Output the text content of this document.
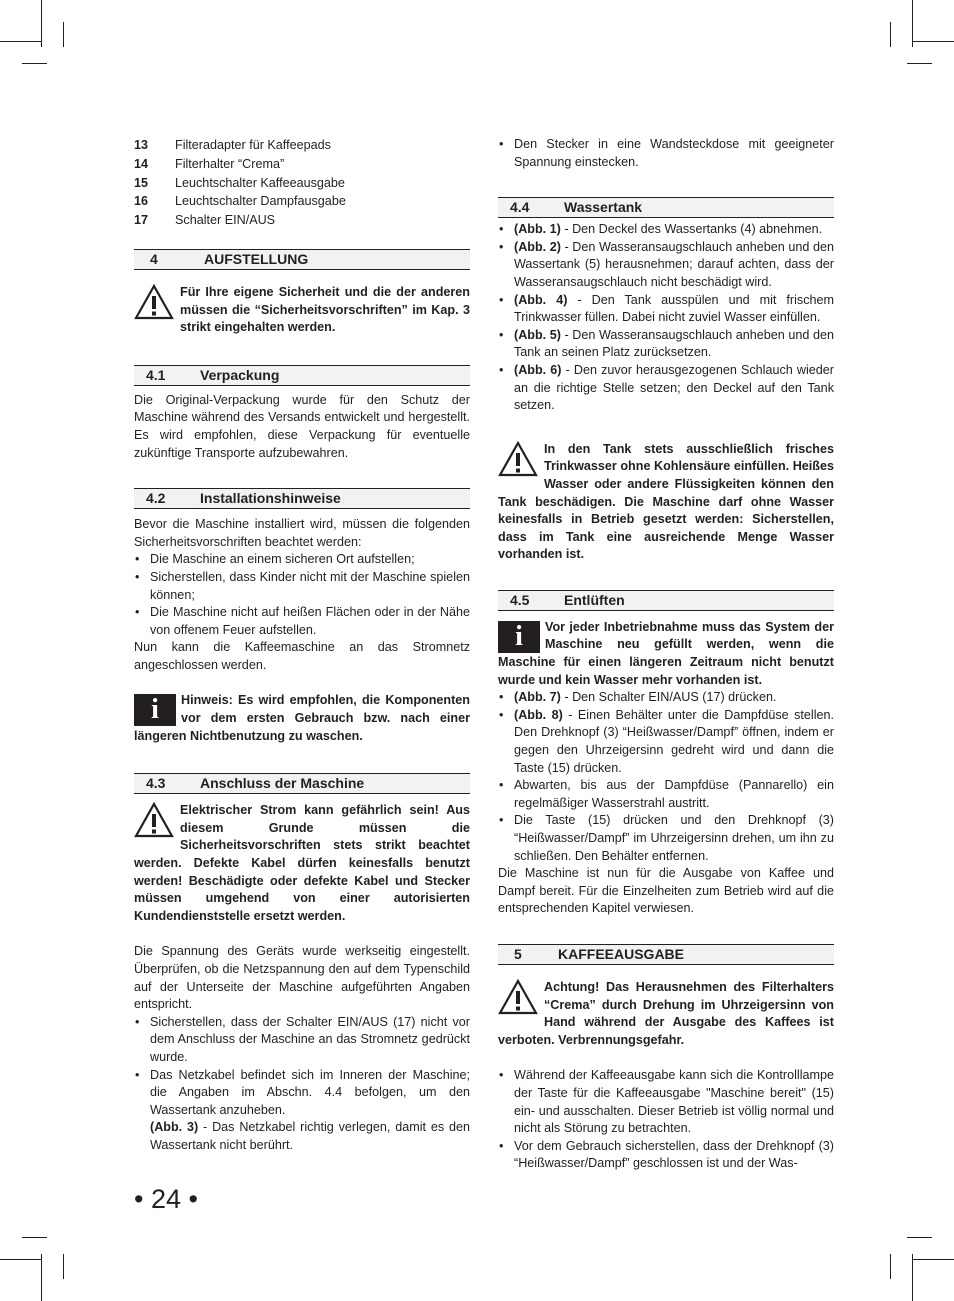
13	Filteradapter für Kaffeepads
14	Filterhalter “Crema”
15	Leuchtschalter Kaffeeausgabe
16	Leuchtschalter Dampfausgabe
17	Schalter EIN/AUS
4	AUFSTELLUNG
Für Ihre eigene Sicherheit und die der anderen müssen die “Sicherheitsvorschriften” im Kap. 3 strikt eingehalten werden.
4.1	Verpackung

Die Original-Verpackung wurde für den Schutz der Maschine während des Versands entwickelt und hergestellt. Es wird empfohlen, diese Verpackung für eventuelle zukünftige Transporte aufzubewahren.

4.2	Installationshinweise

Bevor die Maschine installiert wird, müssen die folgenden Sicherheitsvorschriften beachtet werden:

• Die Maschine an einem sicheren Ort aufstellen;
• Sicherstellen, dass Kinder nicht mit der Maschine spielen können;
• Die Maschine nicht auf heißen Flächen oder in der Nähe von offenem Feuer aufstellen.

Nun kann die Kaffeemaschine an das Stromnetz angeschlossen werden.

i	Hinweis: Es wird empfohlen, die Komponenten vor dem ersten Gebrauch bzw. nach einer längeren Nichtbenutzung zu waschen.
4.3	Anschluss der Maschine
Elektrischer Strom kann gefährlich sein! Aus diesem Grunde müssen die Sicherheitsvorschriften stets strikt beachtet werden. Defekte Kabel dürfen keinesfalls benutzt werden! Beschädigte oder defekte Kabel und Stecker müssen umgehend von einer autorisierten Kundendienststelle ersetzt werden.

Die Spannung des Geräts wurde werkseitig eingestellt. Überprüfen, ob die Netzspannung den auf dem Typenschild auf der Unterseite der Maschine aufgeführten Angaben entspricht.

• Sicherstellen, dass der Schalter EIN/AUS (17) nicht vor dem Anschluss der Maschine an das Stromnetz gedrückt wurde.
• Das Netzkabel befindet sich im Inneren der Maschine; die Angaben im Abschn. 4.4 befolgen, um den Wassertank anzuheben.

(Abb. 3) - Das Netzkabel richtig verlegen, damit es den Wassertank nicht berührt.

• Den Stecker in eine Wandsteckdose mit geeigneter Spannung einstecken.
4.4	Wassertank
• (Abb. 1) - Den Deckel des Wassertanks (4) abnehmen.
• (Abb. 2) - Den Wasseransaugschlauch anheben und den Wassertank (5) herausnehmen; darauf achten, dass der Wasseransaugschlauch nicht beschädigt wird.
• (Abb. 4) - Den Tank ausspülen und mit frischem Trinkwasser füllen. Dabei nicht zuviel Wasser einfüllen.
• (Abb. 5) - Den Wasseransaugschlauch anheben und den Tank an seinen Platz zurücksetzen.
• (Abb. 6) - Den zuvor herausgezogenen Schlauch wieder an die richtige Stelle setzen; den Deckel auf den Tank setzen.
In den Tank stets ausschließlich frisches Trinkwasser ohne Kohlensäure einfüllen. Heißes Wasser oder andere Flüssigkeiten können den Tank beschädigen. Die Maschine darf ohne Wasser keinesfalls in Betrieb gesetzt werden: Sicherstellen, dass im Tank eine ausreichende Menge Wasser vorhanden ist.
4.5	Entlüften
i	Vor jeder Inbetriebnahme muss das System der Maschine neu gefüllt werden, wenn die Maschine für einen längeren Zeitraum nicht benutzt wurde und kein Wasser mehr vorhanden ist.
• (Abb. 7) - Den Schalter EIN/AUS (17) drücken.
• (Abb. 8) - Einen Behälter unter die Dampfdüse stellen. Den Drehknopf (3) “Heißwasser/Dampf” öffnen, indem er gegen den Uhrzeigersinn gedreht wird und dann die Taste (15) drücken.
• Abwarten, bis aus der Dampfdüse (Pannarello) ein regelmäßiger Wasserstrahl austritt.
• Die Taste (15) drücken und den Drehknopf (3) “Heißwasser/Dampf” im Uhrzeigersinn drehen, um ihn zu schließen. Den Behälter entfernen.

Die Maschine ist nun für die Ausgabe von Kaffee und Dampf bereit. Für die Einzelheiten zum Betrieb wird auf die entsprechenden Kapitel verwiesen.

5	KAFFEEAUSGABE
Achtung! Das Herausnehmen des Filterhalters “Crema” durch Drehung im Uhrzeigersinn von Hand während der Ausgabe des Kaffees ist verboten. Verbrennungsgefahr.
• Während der Kaffeeausgabe kann sich die Kontrolllampe der Taste für die Kaffeeausgabe "Maschine bereit" (15) ein- und ausschalten. Dieser Betrieb ist völlig normal und nicht als Störung zu betrachten.
• Vor dem Gebrauch sicherstellen, dass der Drehknopf (3) “Heißwasser/Dampf” geschlossen ist und der Was-
• 24 •
